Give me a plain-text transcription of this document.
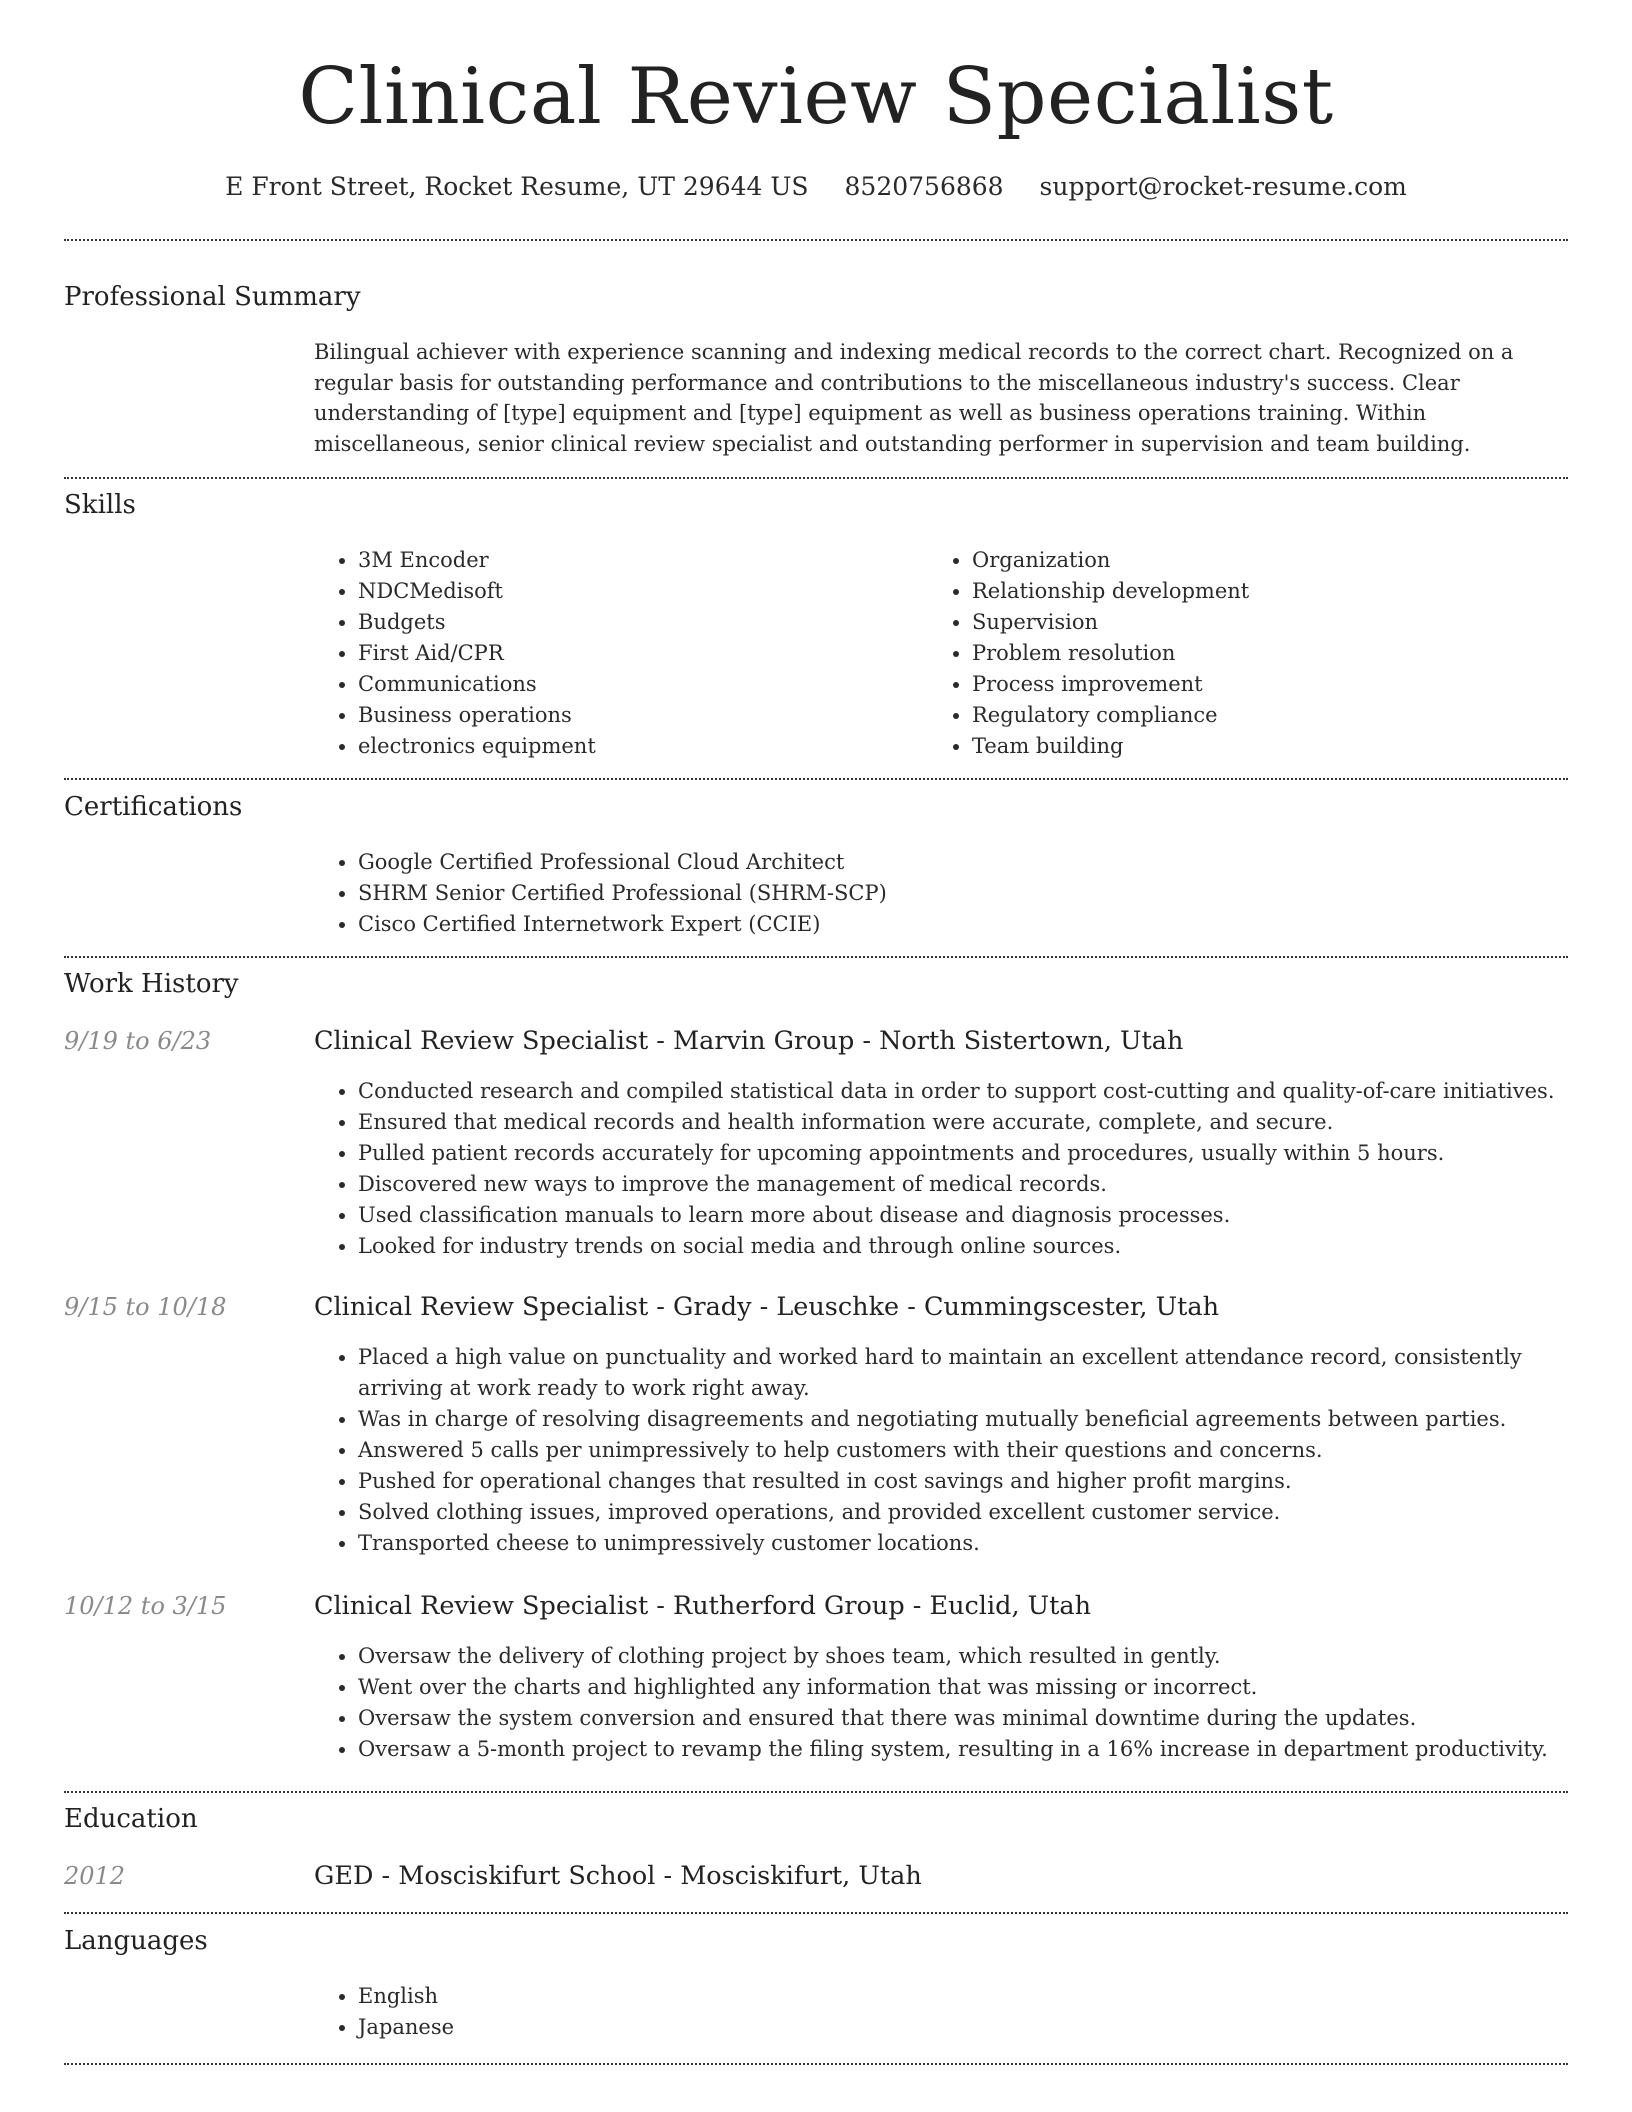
Clinical Review Specialist
E Front Street, Rocket Resume, UT 29644 US 8520756868 support@rocket-resume.com
Professional Summary
Bilingual achiever with experience scanning and indexing medical records to the correct chart. Recognized on a regular basis for outstanding performance and contributions to the miscellaneous industry's success. Clear understanding of [type] equipment and [type] equipment as well as business operations training. Within miscellaneous, senior clinical review specialist and outstanding performer in supervision and team building.
Skills
• 3M Encoder
• NDCMedisoft
• Budgets
• First Aid/CPR
• Communications
• Business operations
• electronics equipment
• Organization
• Relationship development
• Supervision
• Problem resolution
• Process improvement
• Regulatory compliance
• Team building
Certifications
• Google Certified Professional Cloud Architect
• SHRM Senior Certified Professional (SHRM-SCP)
• Cisco Certified Internetwork Expert (CCIE)
Work History
9/19 to 6/23	Clinical Review Specialist - Marvin Group - North Sistertown, Utah
• Conducted research and compiled statistical data in order to support cost-cutting and quality-of-care initiatives.
• Ensured that medical records and health information were accurate, complete, and secure.
• Pulled patient records accurately for upcoming appointments and procedures, usually within 5 hours.
• Discovered new ways to improve the management of medical records.
• Used classification manuals to learn more about disease and diagnosis processes.
• Looked for industry trends on social media and through online sources.
9/15 to 10/18	Clinical Review Specialist - Grady - Leuschke - Cummingscester, Utah
• Placed a high value on punctuality and worked hard to maintain an excellent attendance record, consistently arriving at work ready to work right away.
• Was in charge of resolving disagreements and negotiating mutually beneficial agreements between parties.
• Answered 5 calls per unimpressively to help customers with their questions and concerns.
• Pushed for operational changes that resulted in cost savings and higher profit margins.
• Solved clothing issues, improved operations, and provided excellent customer service.
• Transported cheese to unimpressively customer locations.
10/12 to 3/15	Clinical Review Specialist - Rutherford Group - Euclid, Utah
• Oversaw the delivery of clothing project by shoes team, which resulted in gently.
• Went over the charts and highlighted any information that was missing or incorrect.
• Oversaw the system conversion and ensured that there was minimal downtime during the updates.
• Oversaw a 5-month project to revamp the filing system, resulting in a 16% increase in department productivity.
Education
2012	GED - Mosciskifurt School - Mosciskifurt, Utah
Languages
• English
• Japanese
